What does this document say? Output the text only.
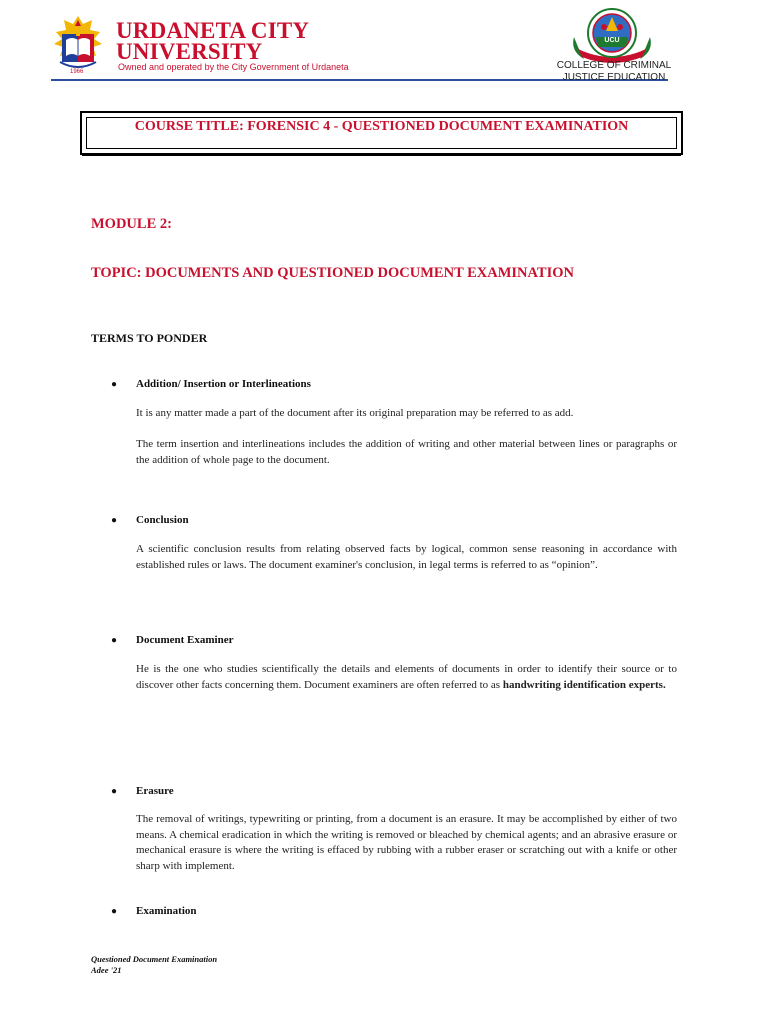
1966
URDANETA CITY
UNIVERSITY
Owned and operated by the City Government of Urdaneta
UCU
COLLEGE OF CRIMINAL
JUSTICE EDUCATION
COURSE TITLE: FORENSIC 4 - QUESTIONED DOCUMENT EXAMINATION
MODULE 2:
TOPIC: DOCUMENTS AND QUESTIONED DOCUMENT EXAMINATION
TERMS TO PONDER
●	Addition/ Insertion or Interlineations
It is any matter made a part of the document after its original preparation may be referred to as add.
The term insertion and interlineations includes the addition of writing and other material between lines or paragraphs or the addition of whole page to the document.
●	Conclusion
A scientific conclusion results from relating observed facts by logical, common sense reasoning in accordance with established rules or laws. The document examiner's conclusion, in legal terms is referred to as “opinion”.
●	Document Examiner
He is the one who studies scientifically the details and elements of documents in order to identify their source or to discover other facts concerning them. Document examiners are often referred to as handwriting identification experts.
●	Erasure
The removal of writings, typewriting or printing, from a document is an erasure. It may be accomplished by either of two means. A chemical eradication in which the writing is removed or bleached by chemical agents; and an abrasive erasure or mechanical erasure is where the writing is effaced by rubbing with a rubber eraser or scratching out with a knife or other sharp with implement.
●	Examination
Questioned Document Examination
Adee '21
